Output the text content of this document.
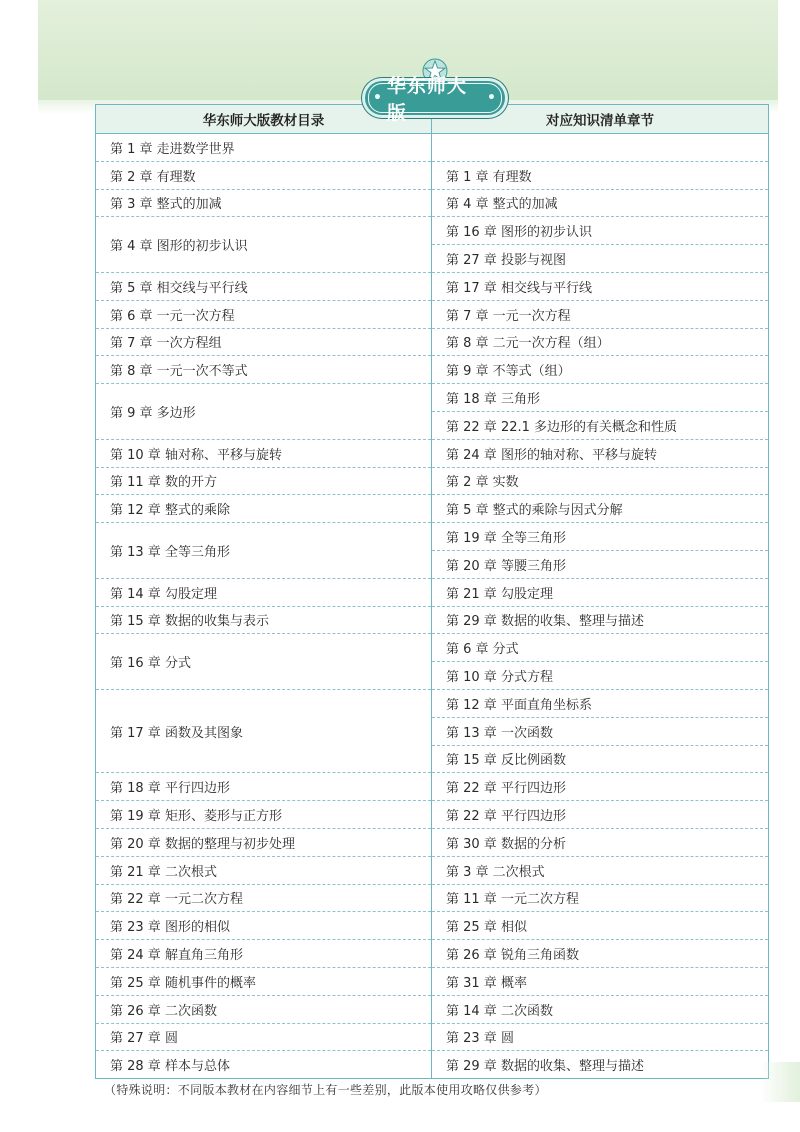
•
华东师大版
•
华东师大版教材目录	对应知识清单章节
第 1 章 走进数学世界	
第 2 章 有理数	第 1 章 有理数
第 3 章 整式的加减	第 4 章 整式的加减
第 4 章 图形的初步认识	第 16 章 图形的初步认识
	第 27 章 投影与视图
第 5 章 相交线与平行线	第 17 章 相交线与平行线
第 6 章 一元一次方程	第 7 章 一元一次方程
第 7 章 一次方程组	第 8 章 二元一次方程（组）
第 8 章 一元一次不等式	第 9 章 不等式（组）
第 9 章 多边形	第 18 章 三角形
	第 22 章 22.1 多边形的有关概念和性质
第 10 章 轴对称、平移与旋转	第 24 章 图形的轴对称、平移与旋转
第 11 章 数的开方	第 2 章 实数
第 12 章 整式的乘除	第 5 章 整式的乘除与因式分解
第 13 章 全等三角形	第 19 章 全等三角形
	第 20 章 等腰三角形
第 14 章 勾股定理	第 21 章 勾股定理
第 15 章 数据的收集与表示	第 29 章 数据的收集、整理与描述
第 16 章 分式	第 6 章 分式
	第 10 章 分式方程
第 17 章 函数及其图象	第 12 章 平面直角坐标系
	第 13 章 一次函数
	第 15 章 反比例函数
第 18 章 平行四边形	第 22 章 平行四边形
第 19 章 矩形、菱形与正方形	第 22 章 平行四边形
第 20 章 数据的整理与初步处理	第 30 章 数据的分析
第 21 章 二次根式	第 3 章 二次根式
第 22 章 一元二次方程	第 11 章 一元二次方程
第 23 章 图形的相似	第 25 章 相似
第 24 章 解直角三角形	第 26 章 锐角三角函数
第 25 章 随机事件的概率	第 31 章 概率
第 26 章 二次函数	第 14 章 二次函数
第 27 章 圆	第 23 章 圆
第 28 章 样本与总体	第 29 章 数据的收集、整理与描述
（特殊说明：不同版本教材在内容细节上有一些差别，此版本使用攻略仅供参考）
